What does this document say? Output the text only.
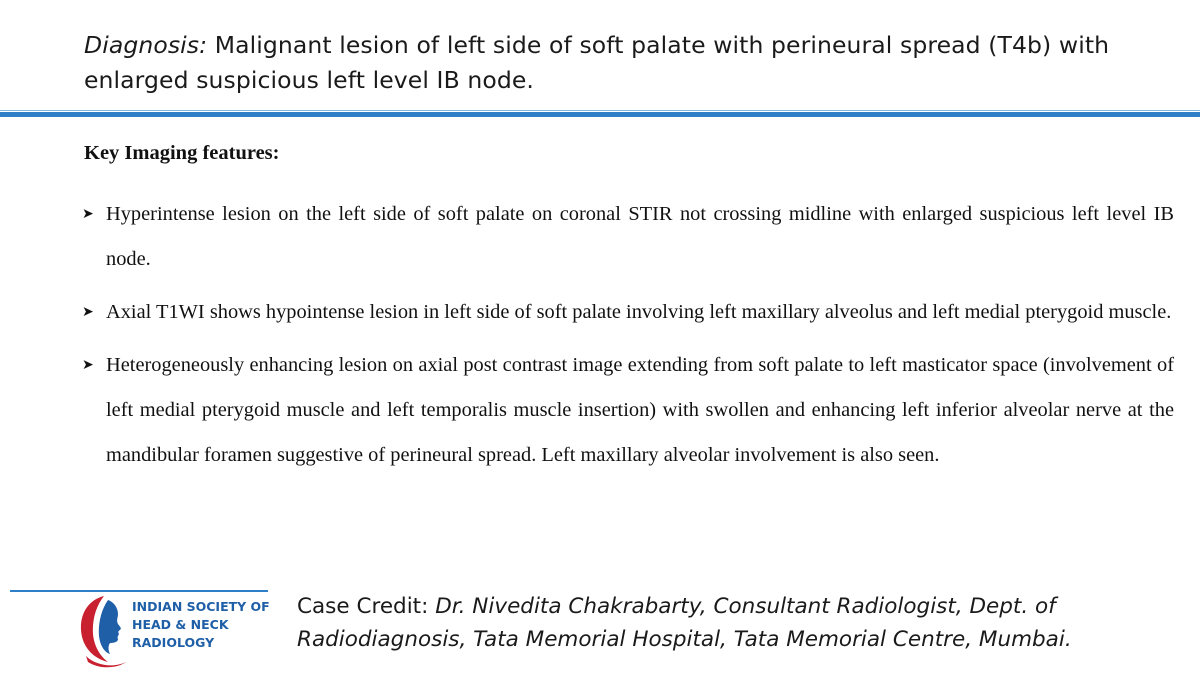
Diagnosis: Malignant lesion of left side of soft palate with perineural spread (T4b) with enlarged suspicious left level IB node.
Key Imaging features:
➤ Hyperintense lesion on the left side of soft palate on coronal STIR not crossing midline with enlarged suspicious left level IB node.
➤ Axial T1WI shows hypointense lesion in left side of soft palate involving left maxillary alveolus and left medial pterygoid muscle.
➤ Heterogeneously enhancing lesion on axial post contrast image extending from soft palate to left masticator space (involvement of left medial pterygoid muscle and left temporalis muscle insertion) with swollen and enhancing left inferior alveolar nerve at the mandibular foramen suggestive of perineural spread. Left maxillary alveolar involvement is also seen.
INDIAN SOCIETY OF
HEAD & NECK
RADIOLOGY
Case Credit: Dr. Nivedita Chakrabarty, Consultant Radiologist, Dept. of Radiodiagnosis, Tata Memorial Hospital, Tata Memorial Centre, Mumbai.
